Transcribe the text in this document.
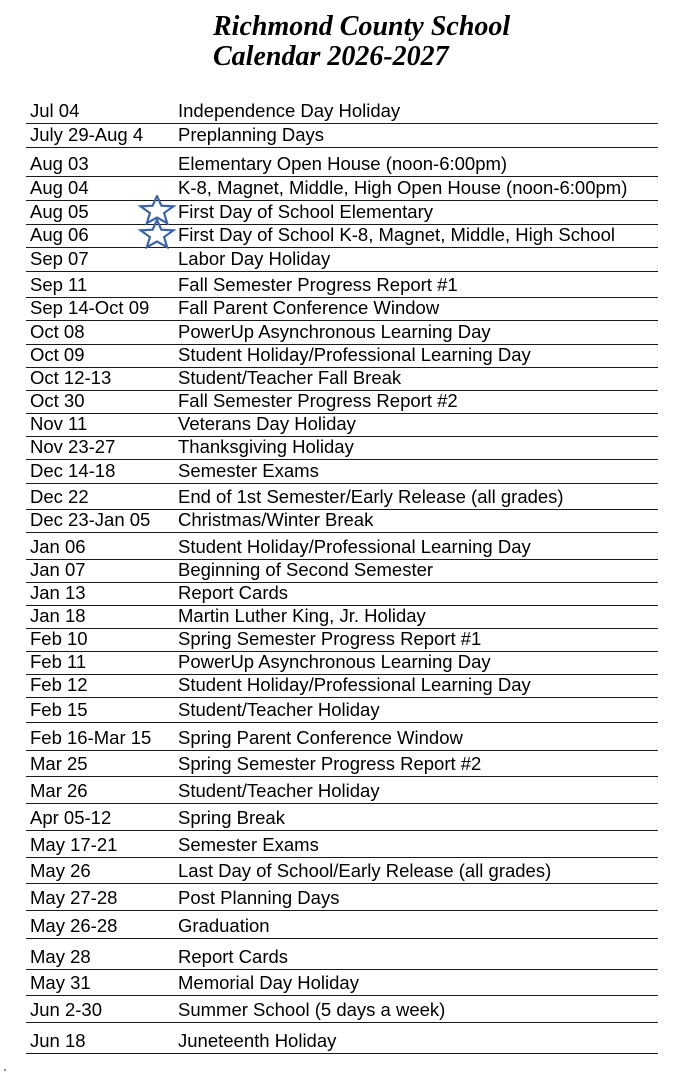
Richmond County School
Calendar 2026-2027
Jul 04	Independence Day Holiday
July 29-Aug 4 Preplanning Days
Aug 03	Elementary Open House (noon-6:00pm)
Aug 04	K-8, Magnet, Middle, High Open House (noon-6:00pm)
Aug 05	First Day of School Elementary
Aug 06	First Day of School K-8, Magnet, Middle, High School
Sep 07	Labor Day Holiday
Sep 11	Fall Semester Progress Report #1
Sep 14-Oct 09 Fall Parent Conference Window
Oct 08	PowerUp Asynchronous Learning Day
Oct 09	Student Holiday/Professional Learning Day
Oct 12-13	Student/Teacher Fall Break
Oct 30	Fall Semester Progress Report #2
Nov 11	Veterans Day Holiday
Nov 23-27	Thanksgiving Holiday
Dec 14-18	Semester Exams
Dec 22	End of 1st Semester/Early Release (all grades)
Dec 23-Jan 05 Christmas/Winter Break
Jan 06	Student Holiday/Professional Learning Day
Jan 07	Beginning of Second Semester
Jan 13	Report Cards
Jan 18	Martin Luther King, Jr. Holiday
Feb 10	Spring Semester Progress Report #1
Feb 11	PowerUp Asynchronous Learning Day
Feb 12	Student Holiday/Professional Learning Day
Feb 15	Student/Teacher Holiday
Feb 16-Mar 15 Spring Parent Conference Window
Mar 25	Spring Semester Progress Report #2
Mar 26	Student/Teacher Holiday
Apr 05-12	Spring Break
May 17-21	Semester Exams
May 26	Last Day of School/Early Release (all grades)
May 27-28	Post Planning Days
May 26-28	Graduation
May 28	Report Cards
May 31	Memorial Day Holiday
Jun 2-30	Summer School (5 days a week)
Jun 18	Juneteenth Holiday
